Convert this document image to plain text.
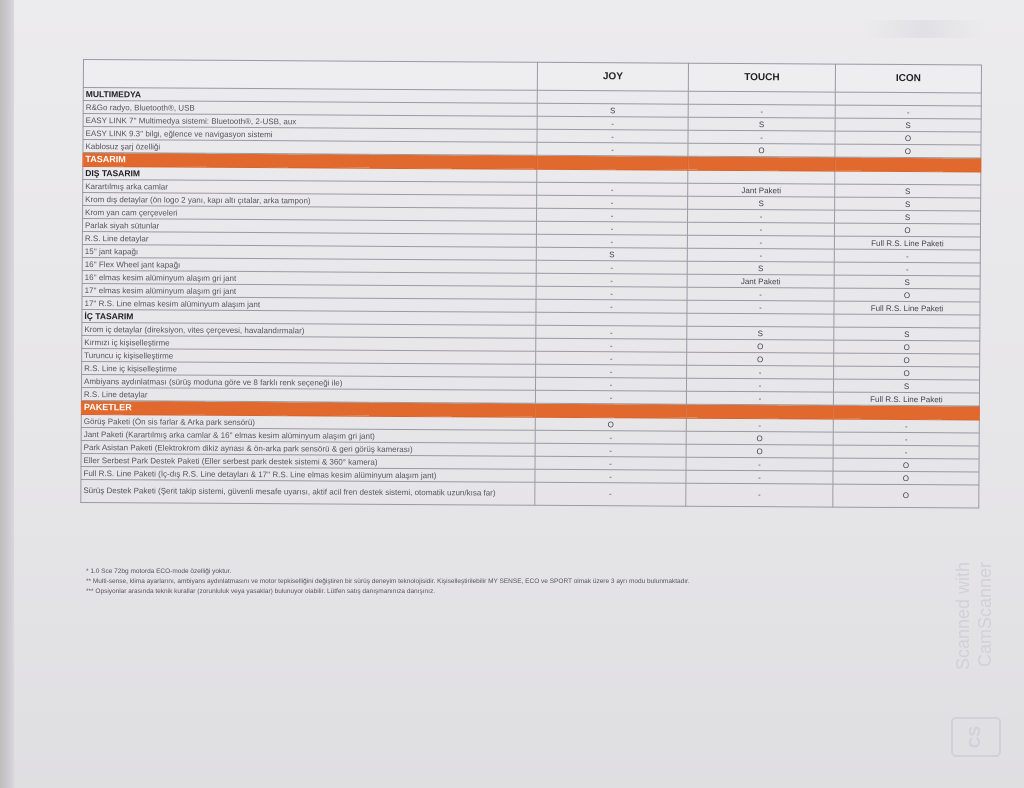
	JOY	TOUCH	ICON
MULTIMEDYA			
R&Go radyo, Bluetooth®, USB	S	-	-
EASY LINK 7'' Multimedya sistemi: Bluetooth®, 2-USB, aux	-	S	S
EASY LINK 9.3'' bilgi, eğlence ve navigasyon sistemi	-	-	O
Kablosuz şarj özelliği	-	O	O
TASARIM			
DIŞ TASARIM			
Karartılmış arka camlar	-	Jant Paketi	S
Krom dış detaylar (ön logo 2 yanı, kapı altı çıtalar, arka tampon)	-	S	S
Krom yan cam çerçeveleri	-	-	S
Parlak siyah sütunlar	-	-	O
R.S. Line detaylar	-	-	Full R.S. Line Paketi
15'' jant kapağı	S	-	-
16'' Flex Wheel jant kapağı	-	S	-
16'' elmas kesim alüminyum alaşım gri jant	-	Jant Paketi	S
17'' elmas kesim alüminyum alaşım gri jant	-	-	O
17'' R.S. Line elmas kesim alüminyum alaşım jant	-	-	Full R.S. Line Paketi
İÇ TASARIM			
Krom iç detaylar (direksiyon, vites çerçevesi, havalandırmalar)	-	S	S
Kırmızı iç kişiselleştirme	-	O	O
Turuncu iç kişiselleştirme	-	O	O
R.S. Line iç kişiselleştirme	-	-	O
Ambiyans aydınlatması (sürüş moduna göre ve 8 farklı renk seçeneği ile)	-	-	S
R.S. Line detaylar	-	-	Full R.S. Line Paketi
PAKETLER			
Görüş Paketi (Ön sis farlar & Arka park sensörü)	O	-	-
Jant Paketi (Karartılmış arka camlar & 16'' elmas kesim alüminyum alaşım gri jant)	-	O	-
Park Asistan Paketi (Elektrokrom dikiz aynası & ön-arka park sensörü & geri görüş kamerası)	-	O	-
Eller Serbest Park Destek Paketi (Eller serbest park destek sistemi & 360° kamera)	-	-	O
Full R.S. Line Paketi (İç-dış R.S. Line detayları & 17'' R.S. Line elmas kesim alüminyum alaşım jant)	-	-	O
Sürüş Destek Paketi (Şerit takip sistemi, güvenli mesafe uyarısı, aktif acil fren destek sistemi, otomatik uzun/kısa far)	-	-	O
* 1.0 Sce 72bg motorda ECO-mode özelliği yoktur.
** Multi-sense, klima ayarlarını, ambiyans aydınlatmasını ve motor tepkiselliğini değiştiren bir sürüş deneyim teknolojisidir. Kişiselleştirilebilir MY SENSE, ECO ve SPORT olmak üzere 3 ayrı modu bulunmaktadır.
*** Opsiyonlar arasında teknik kurallar (zorunluluk veya yasaklar) bulunuyor olabilir. Lütfen satış danışmanınıza danışınız.	Scanned with CamScanner
CS
